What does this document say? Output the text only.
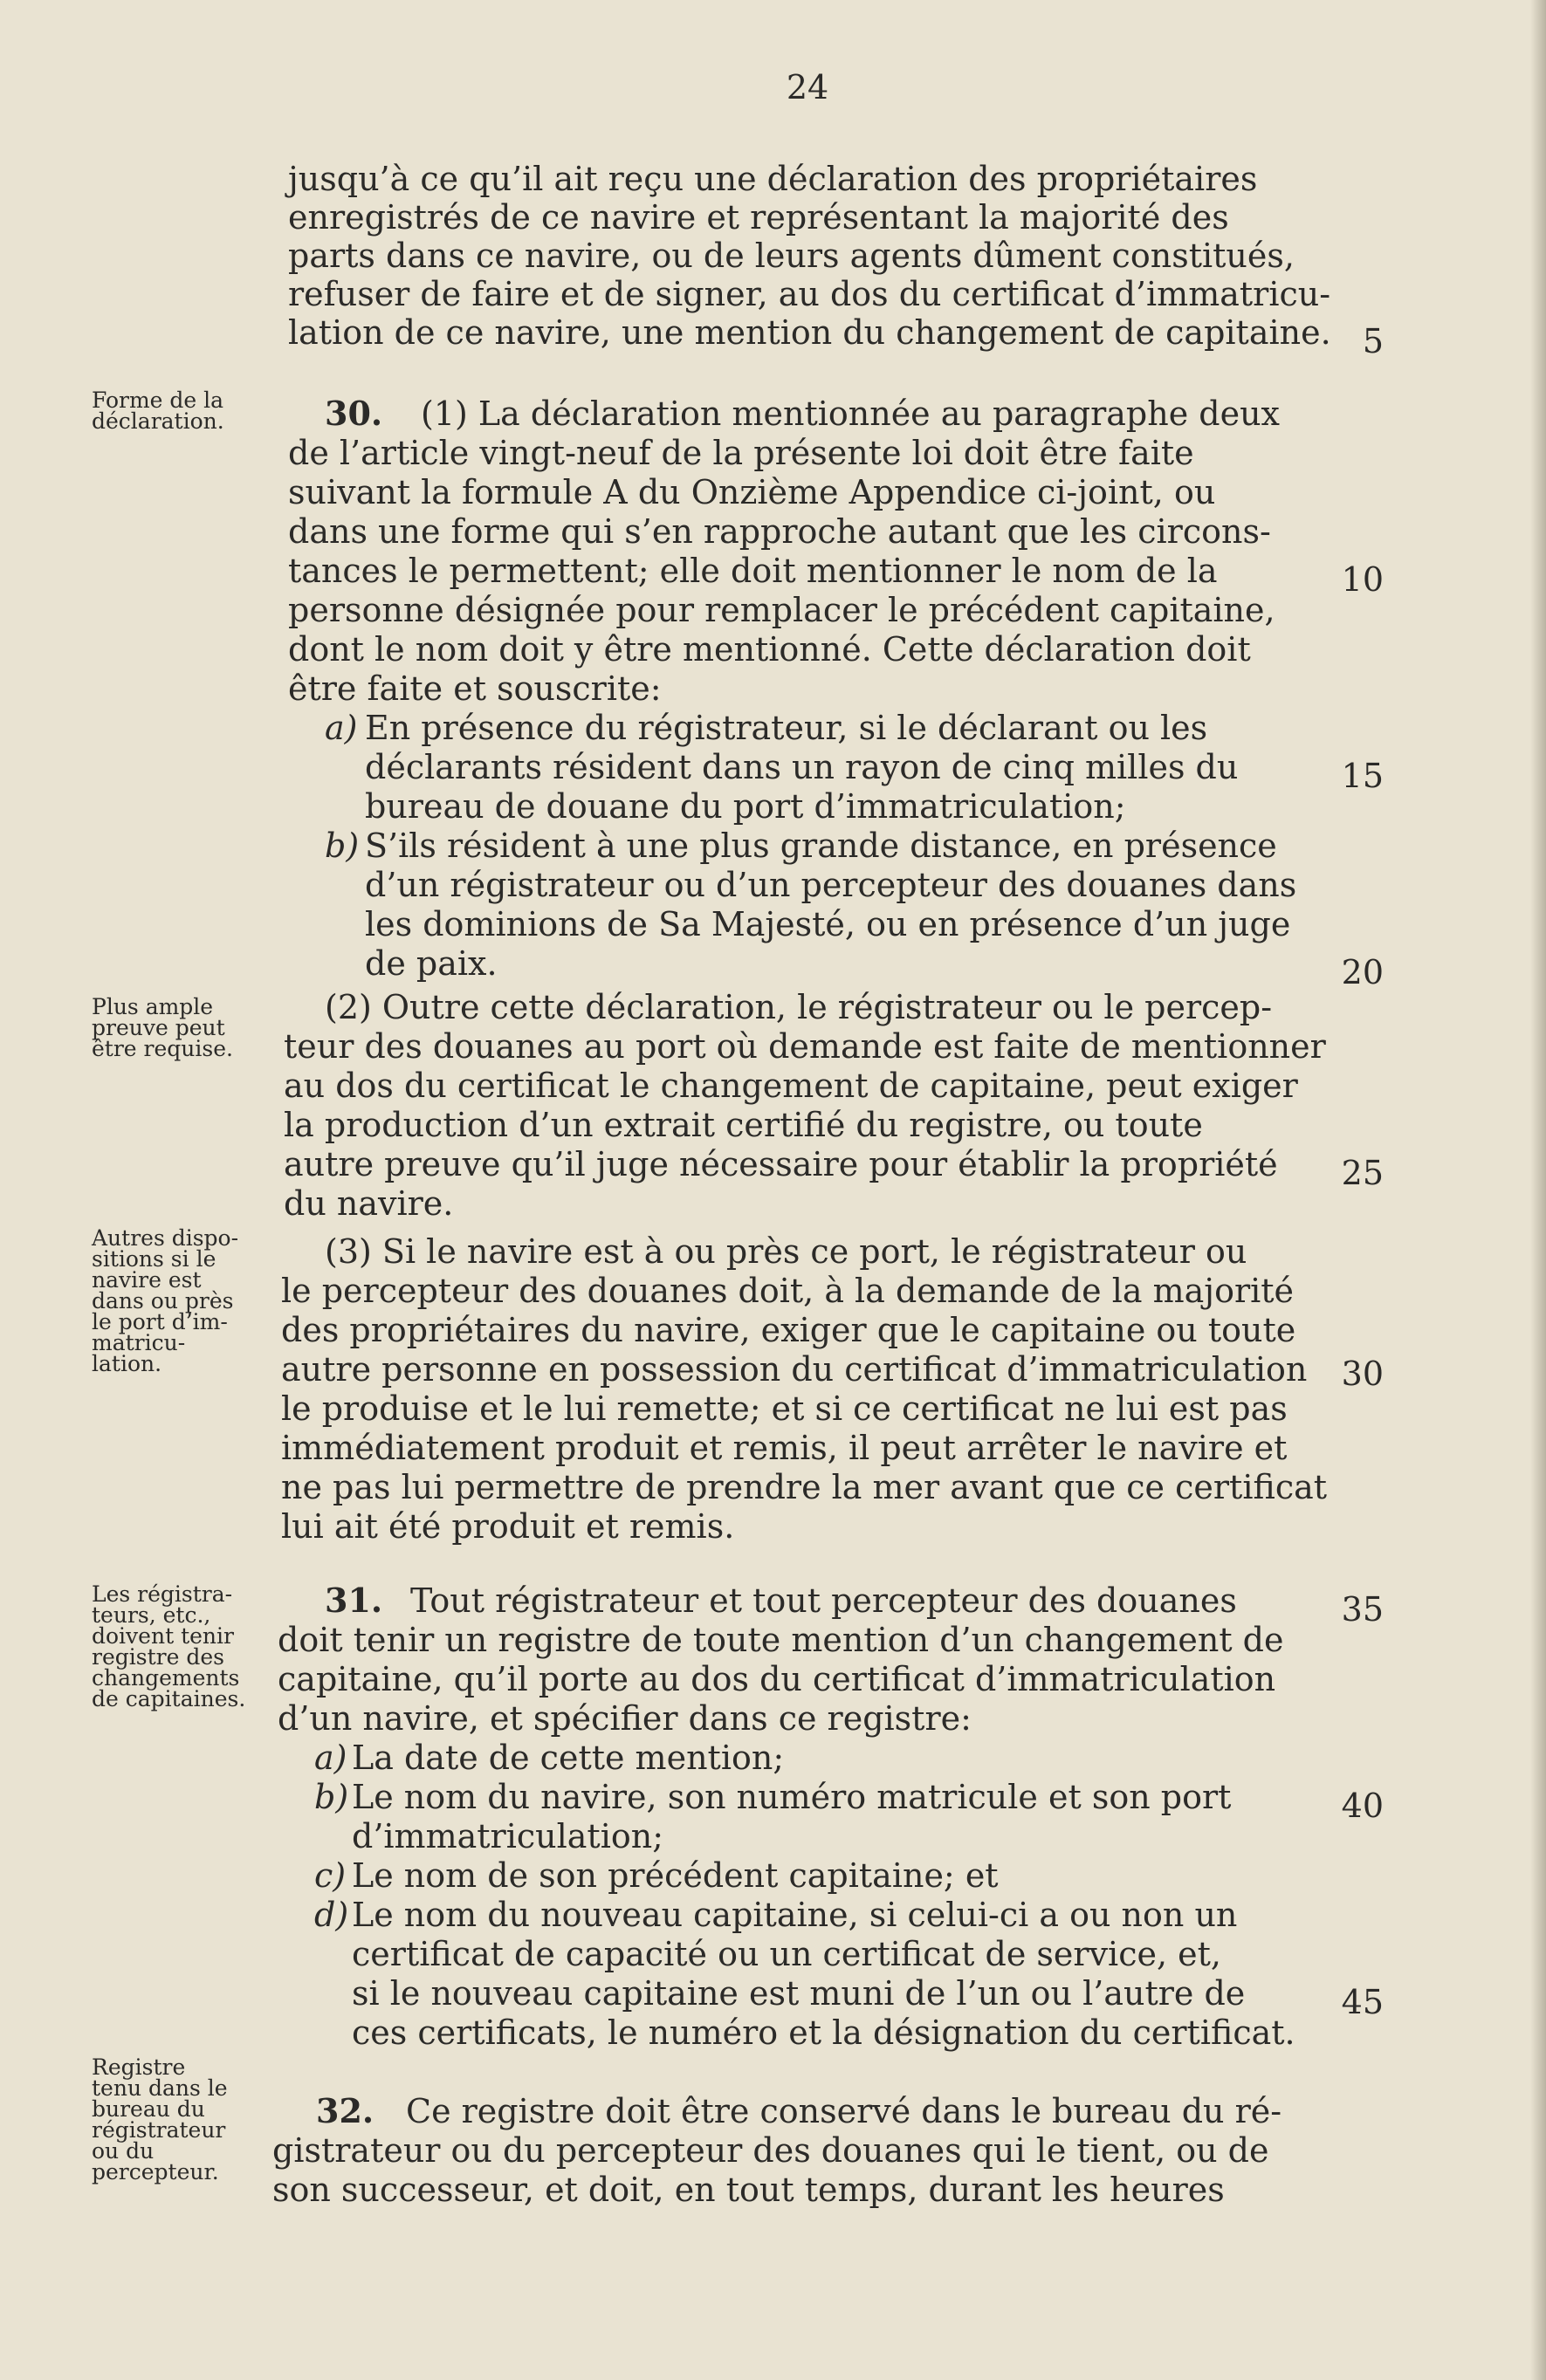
24
jusqu’à ce qu’il ait reçu une déclaration des propriétaires
enregistrés de ce navire et représentant la majorité des
parts dans ce navire, ou de leurs agents dûment constitués,
refuser de faire et de signer, au dos du certificat d’immatricu-
lation de ce navire, une mention du changement de capitaine.
30. (1) La déclaration mentionnée au paragraphe deux
de l’article vingt-neuf de la présente loi doit être faite
suivant la formule A du Onzième Appendice ci-joint, ou
dans une forme qui s’en rapproche autant que les circons-
tances le permettent; elle doit mentionner le nom de la
personne désignée pour remplacer le précédent capitaine,
dont le nom doit y être mentionné. Cette déclaration doit
être faite et souscrite:
a) En présence du régistrateur, si le déclarant ou les
déclarants résident dans un rayon de cinq milles du
bureau de douane du port d’immatriculation;
b) S’ils résident à une plus grande distance, en présence
d’un régistrateur ou d’un percepteur des douanes dans
les dominions de Sa Majesté, ou en présence d’un juge
de paix.
(2) Outre cette déclaration, le régistrateur ou le percep-
teur des douanes au port où demande est faite de mentionner
au dos du certificat le changement de capitaine, peut exiger
la production d’un extrait certifié du registre, ou toute
autre preuve qu’il juge nécessaire pour établir la propriété
du navire.
(3) Si le navire est à ou près ce port, le régistrateur ou
le percepteur des douanes doit, à la demande de la majorité
des propriétaires du navire, exiger que le capitaine ou toute
autre personne en possession du certificat d’immatriculation
le produise et le lui remette; et si ce certificat ne lui est pas
immédiatement produit et remis, il peut arrêter le navire et
ne pas lui permettre de prendre la mer avant que ce certificat
lui ait été produit et remis.
31. Tout régistrateur et tout percepteur des douanes
doit tenir un registre de toute mention d’un changement de
capitaine, qu’il porte au dos du certificat d’immatriculation
d’un navire, et spécifier dans ce registre:
a) La date de cette mention;
b) Le nom du navire, son numéro matricule et son port
d’immatriculation;
c) Le nom de son précédent capitaine; et
d) Le nom du nouveau capitaine, si celui-ci a ou non un
certificat de capacité ou un certificat de service, et,
si le nouveau capitaine est muni de l’un ou l’autre de
ces certificats, le numéro et la désignation du certificat.
32. Ce registre doit être conservé dans le bureau du ré-
gistrateur ou du percepteur des douanes qui le tient, ou de
son successeur, et doit, en tout temps, durant les heures
Forme de la
déclaration.
Plus ample
preuve peut
être requise.
Autres dispo-
sitions si le
navire est
dans ou près
le port d’im-
matricu-
lation.
Les régistra-
teurs, etc.,
doivent tenir
registre des
changements
de capitaines.
Registre
tenu dans le
bureau du
régistrateur
ou du
percepteur.
5
10
15
20
25
30
35
40
45
